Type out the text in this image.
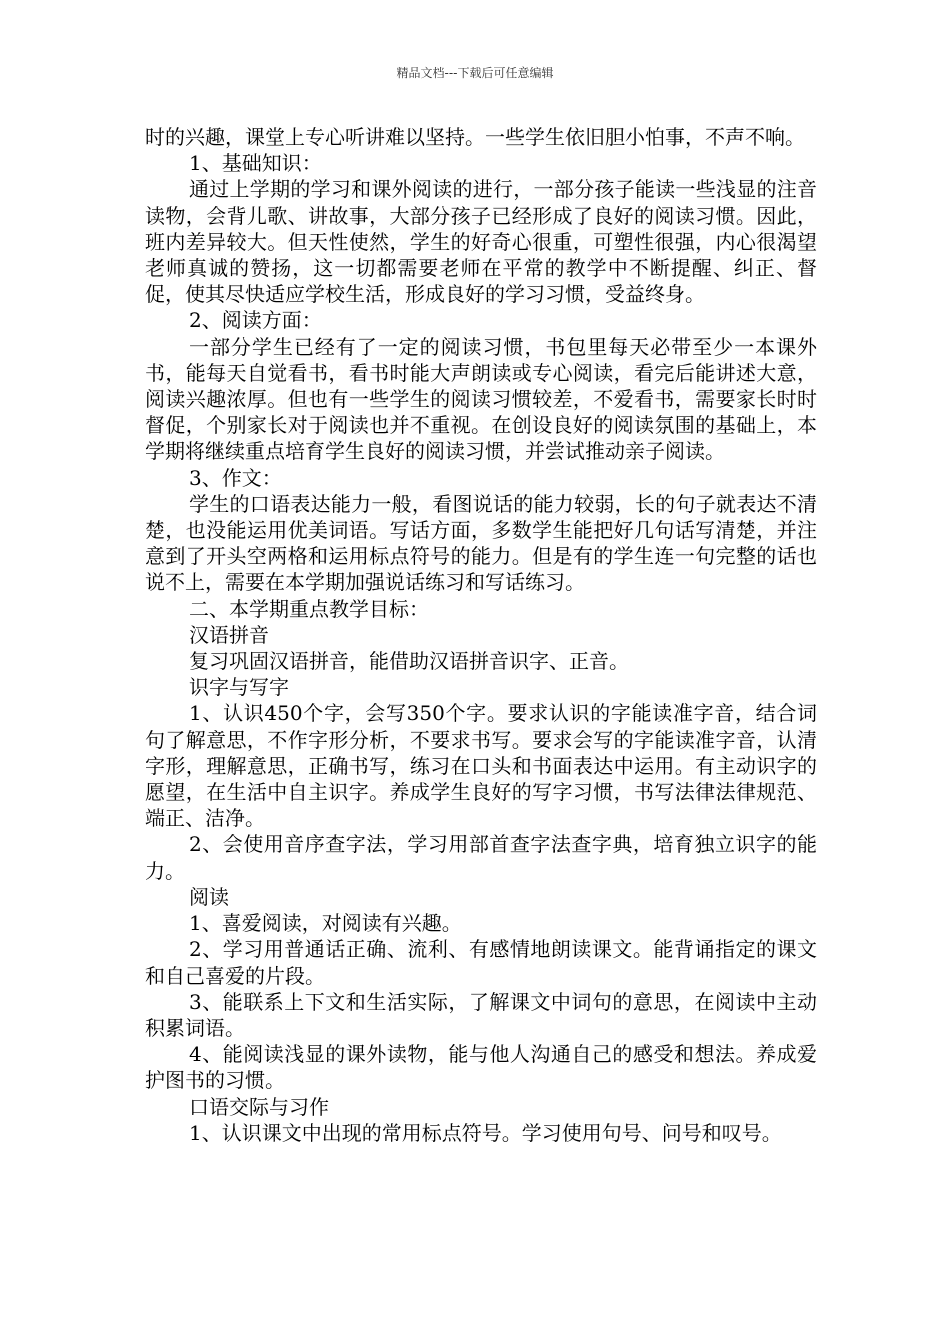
精品文档---下载后可任意编辑

时的兴趣，课堂上专心听讲难以坚持。一些学生依旧胆小怕事，不声不响。

1、基础知识：

通过上学期的学习和课外阅读的进行，一部分孩子能读一些浅显的注音读物，会背儿歌、讲故事，大部分孩子已经形成了良好的阅读习惯。因此，班内差异较大。但天性使然，学生的好奇心很重，可塑性很强，内心很渴望老师真诚的赞扬，这一切都需要老师在平常的教学中不断提醒、纠正、督促，使其尽快适应学校生活，形成良好的学习习惯，受益终身。

2、阅读方面：

一部分学生已经有了一定的阅读习惯，书包里每天必带至少一本课外书，能每天自觉看书，看书时能大声朗读或专心阅读，看完后能讲述大意，阅读兴趣浓厚。但也有一些学生的阅读习惯较差，不爱看书，需要家长时时督促，个别家长对于阅读也并不重视。在创设良好的阅读氛围的基础上，本学期将继续重点培育学生良好的阅读习惯，并尝试推动亲子阅读。

3、作文：

学生的口语表达能力一般，看图说话的能力较弱，长的句子就表达不清楚，也没能运用优美词语。写话方面，多数学生能把好几句话写清楚，并注意到了开头空两格和运用标点符号的能力。但是有的学生连一句完整的话也说不上，需要在本学期加强说话练习和写话练习。

二、本学期重点教学目标：

汉语拼音

复习巩固汉语拼音，能借助汉语拼音识字、正音。

识字与写字

1、认识450个字，会写350个字。要求认识的字能读准字音，结合词句了解意思，不作字形分析，不要求书写。要求会写的字能读准字音，认清字形，理解意思，正确书写，练习在口头和书面表达中运用。有主动识字的愿望，在生活中自主识字。养成学生良好的写字习惯，书写法律法律规范、端正、洁净。

2、会使用音序查字法，学习用部首查字法查字典，培育独立识字的能力。

阅读

1、喜爱阅读，对阅读有兴趣。

2、学习用普通话正确、流利、有感情地朗读课文。能背诵指定的课文和自己喜爱的片段。

3、能联系上下文和生活实际，了解课文中词句的意思，在阅读中主动积累词语。

4、能阅读浅显的课外读物，能与他人沟通自己的感受和想法。养成爱护图书的习惯。

口语交际与习作

1、认识课文中出现的常用标点符号。学习使用句号、问号和叹号。
